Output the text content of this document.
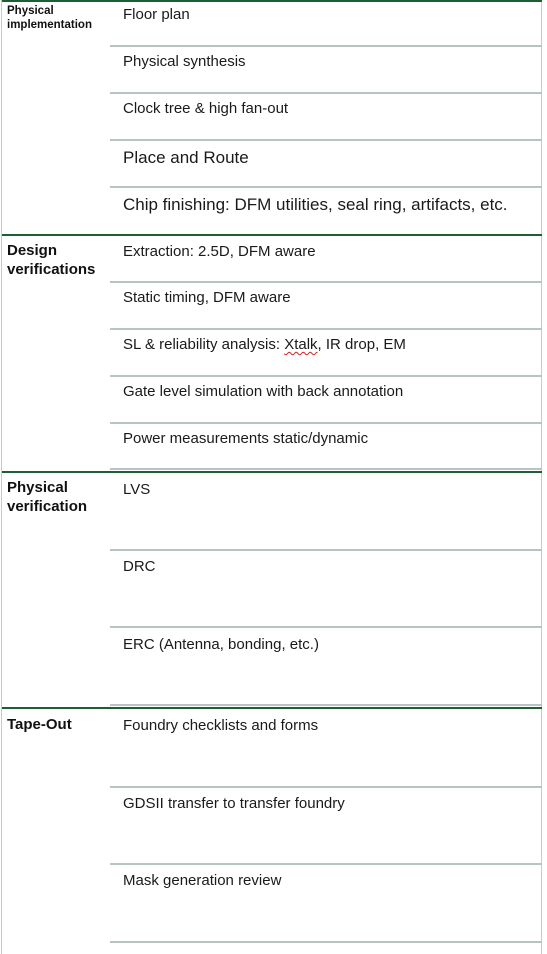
Physical
implementation
Floor plan
Physical synthesis
Clock tree & high fan-out
Place and Route
Chip finishing: DFM utilities, seal ring, artifacts, etc.
Design
verifications
Extraction: 2.5D, DFM aware
Static timing, DFM aware
SL & reliability analysis: Xtalk, IR drop, EM
Gate level simulation with back annotation
Power measurements static/dynamic
Physical
verification
LVS
DRC
ERC (Antenna, bonding, etc.)
Tape-Out	Foundry checklists and forms
GDSII transfer to transfer foundry
Mask generation review
